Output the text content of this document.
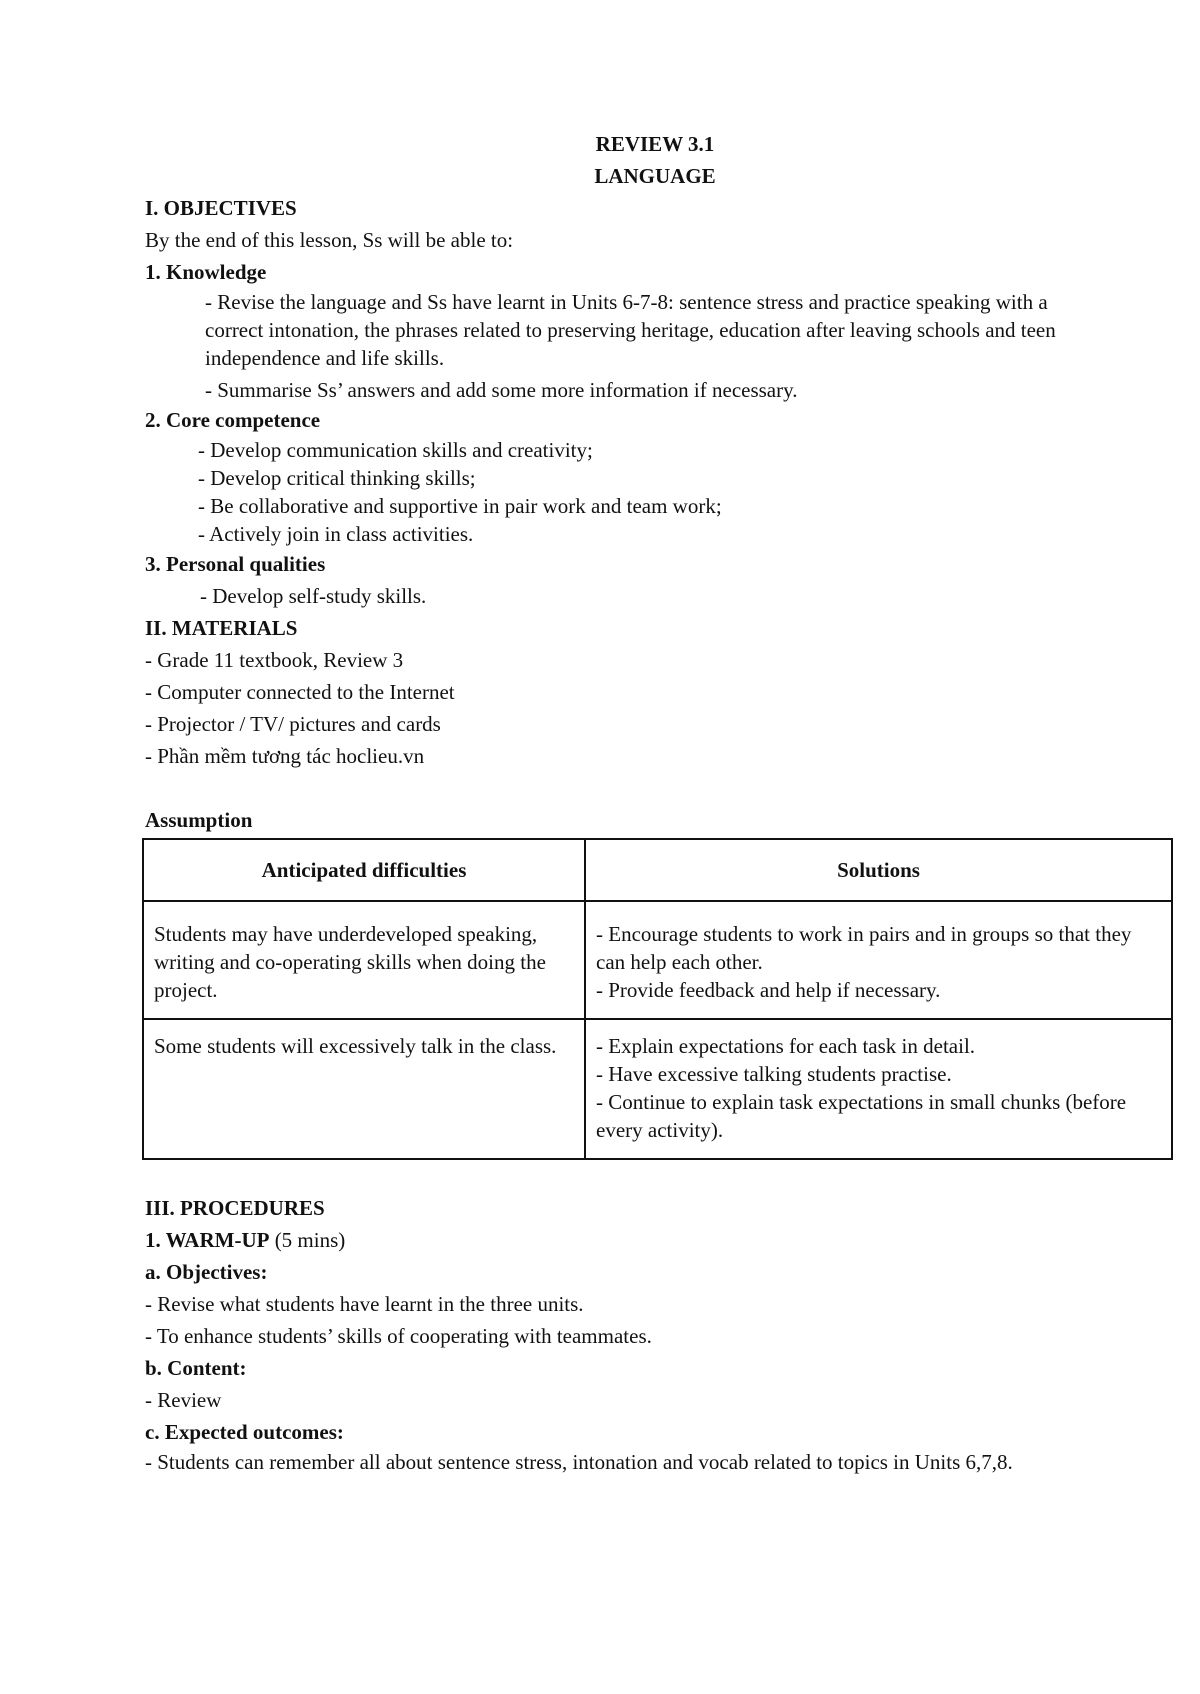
REVIEW 3.1
LANGUAGE
I. OBJECTIVES
By the end of this lesson, Ss will be able to:
1. Knowledge
- Revise the language and Ss have learnt in Units 6-7-8: sentence stress and practice speaking with a correct intonation, the phrases related to preserving heritage, education after leaving schools and teen independence and life skills.
- Summarise Ss’ answers and add some more information if necessary.
2. Core competence
- Develop communication skills and creativity;
- Develop critical thinking skills;
- Be collaborative and supportive in pair work and team work;
- Actively join in class activities.
3. Personal qualities
- Develop self-study skills.
II. MATERIALS
- Grade 11 textbook, Review 3
- Computer connected to the Internet
- Projector / TV/ pictures and cards
- Phần mềm tương tác hoclieu.vn
Assumption
Anticipated difficulties	Solutions
Students may have underdeveloped speaking, writing and co-operating skills when doing the project.	- Encourage students to work in pairs and in groups so that they can help each other.
- Provide feedback and help if necessary.

Some students will excessively talk in the class.	- Explain expectations for each task in detail.
- Have excessive talking students practise.
- Continue to explain task expectations in small chunks (before every activity).
III. PROCEDURES
1. WARM-UP (5 mins)
a. Objectives:
- Revise what students have learnt in the three units.
- To enhance students’ skills of cooperating with teammates.
b. Content:
- Review
c. Expected outcomes:
- Students can remember all about sentence stress, intonation and vocab related to topics in Units 6,7,8.
